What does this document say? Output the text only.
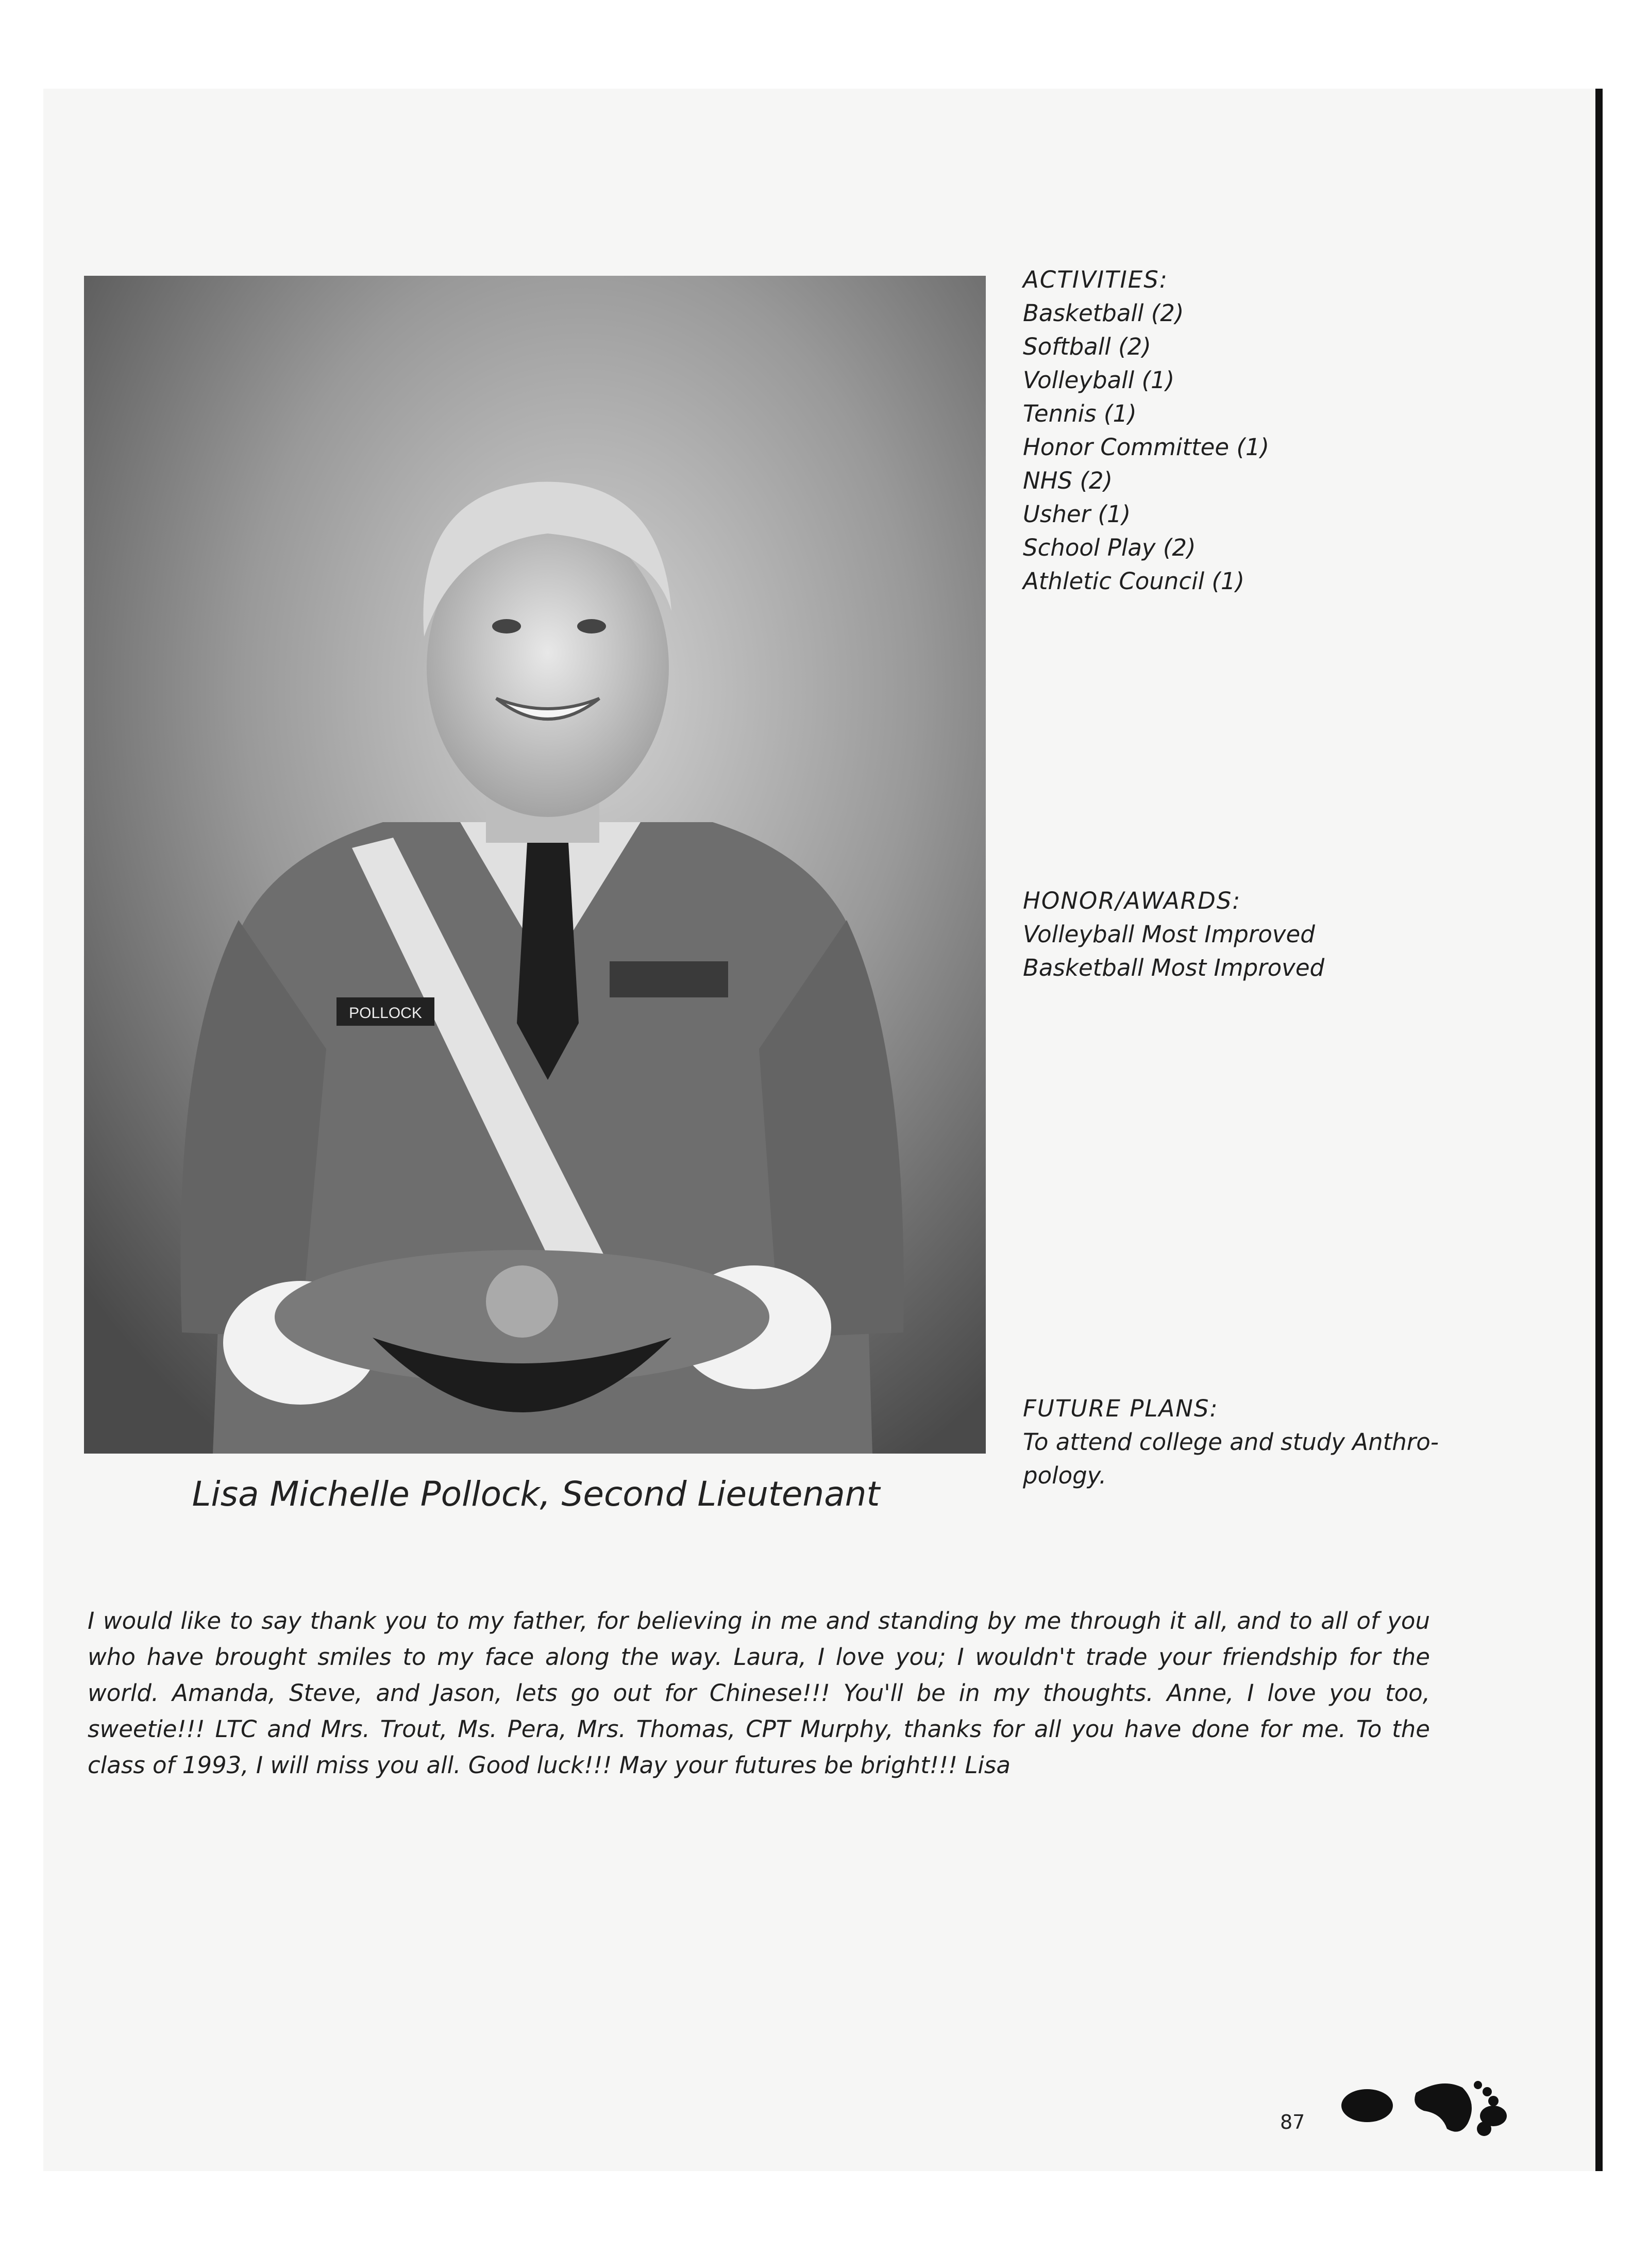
POLLOCK
Lisa Michelle Pollock, Second Lieutenant
ACTIVITIES:
Basketball (2)
Softball (2)
Volleyball (1)
Tennis (1)
Honor Committee (1)
NHS (2)
Usher (1)
School Play (2)
Athletic Council (1)
HONOR/AWARDS:
Volleyball Most Improved
Basketball Most Improved
FUTURE PLANS:
To attend college and study Anthro-pology.
I would like to say thank you to my father, for believing in me and standing by me through it all, and to all of you who have brought smiles to my face along the way. Laura, I love you; I wouldn't trade your friendship for the world. Amanda, Steve, and Jason, lets go out for Chinese!!! You'll be in my thoughts. Anne, I love you too, sweetie!!! LTC and Mrs. Trout, Ms. Pera, Mrs. Thomas, CPT Murphy, thanks for all you have done for me. To the class of 1993, I will miss you all. Good luck!!! May your futures be bright!!! Lisa
87
